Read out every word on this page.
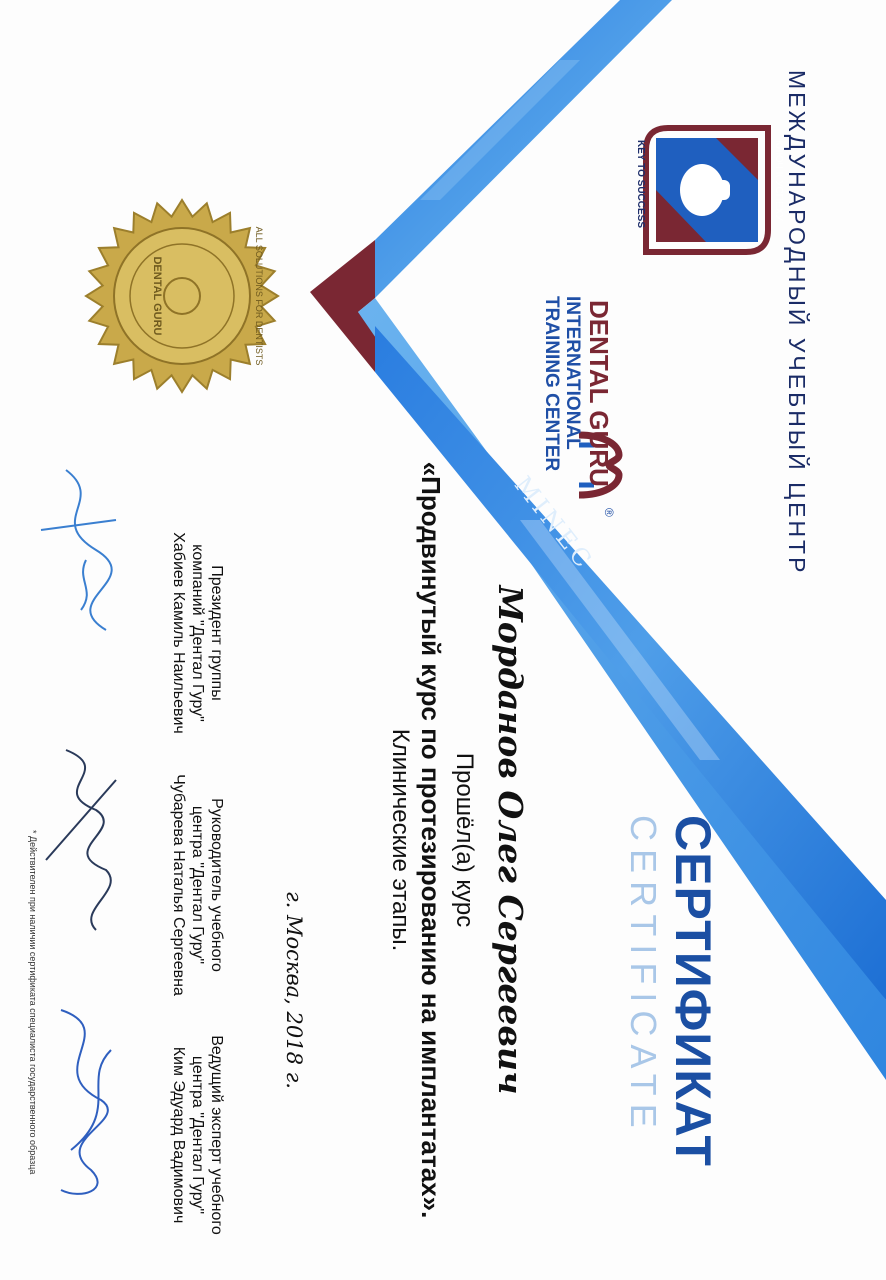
МЕЖДУНАРОДНЫЙ УЧЕБНЫЙ ЦЕНТР
КЛЮЧ К УСПЕХУ
KEY TO SUCCESS
DENTAL GURU
INTERNATIONAL
TRAINING CENTER
®
MINEC
СЕРТИФИКАТ
CERTIFICATE
Морданов Олег Сергеевич
Прошёл(а) курс
«Продвинутый курс по протезированию на имплантатах».
Клинические этапы.
г. Москва, 2018 г.
DENTAL GURU	ALL SOLUTIONS FOR DENTISTS
Президент группы
компаний "Дентал Гуру"
Хабиев Камиль Наильевич
Руководитель учебного
центра "Дентал Гуру"
Чубарева Наталья Сергеевна
Ведущий эксперт учебного
центра "Дентал Гуру"
Ким Эдуард Вадимович
* Действителен при наличии сертификата специалиста государственного образца
